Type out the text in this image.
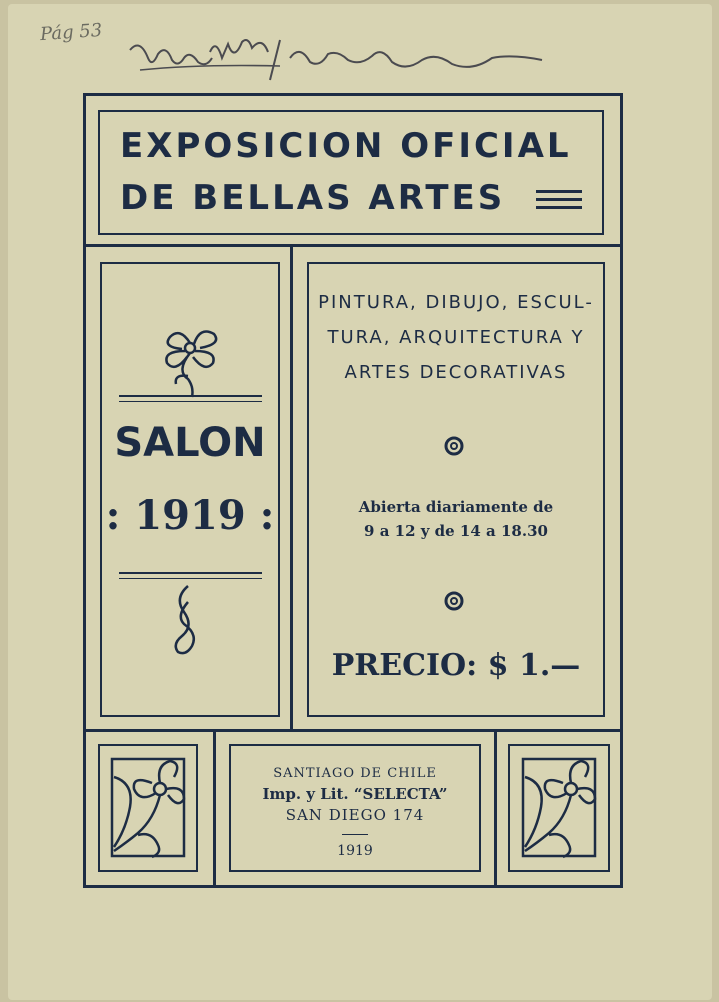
Pág 53
EXPOSICION OFICIAL
DE BELLAS ARTES
SALON
: 1919 :
PINTURA, DIBUJO, ESCUL-
TURA, ARQUITECTURA Y
ARTES DECORATIVAS
Abierta diariamente de
9 a 12 y de 14 a 18.30
PRECIO: $ 1.—
SANTIAGO DE CHILE
Imp. y Lit. “SELECTA”
SAN DIEGO 174
1919
